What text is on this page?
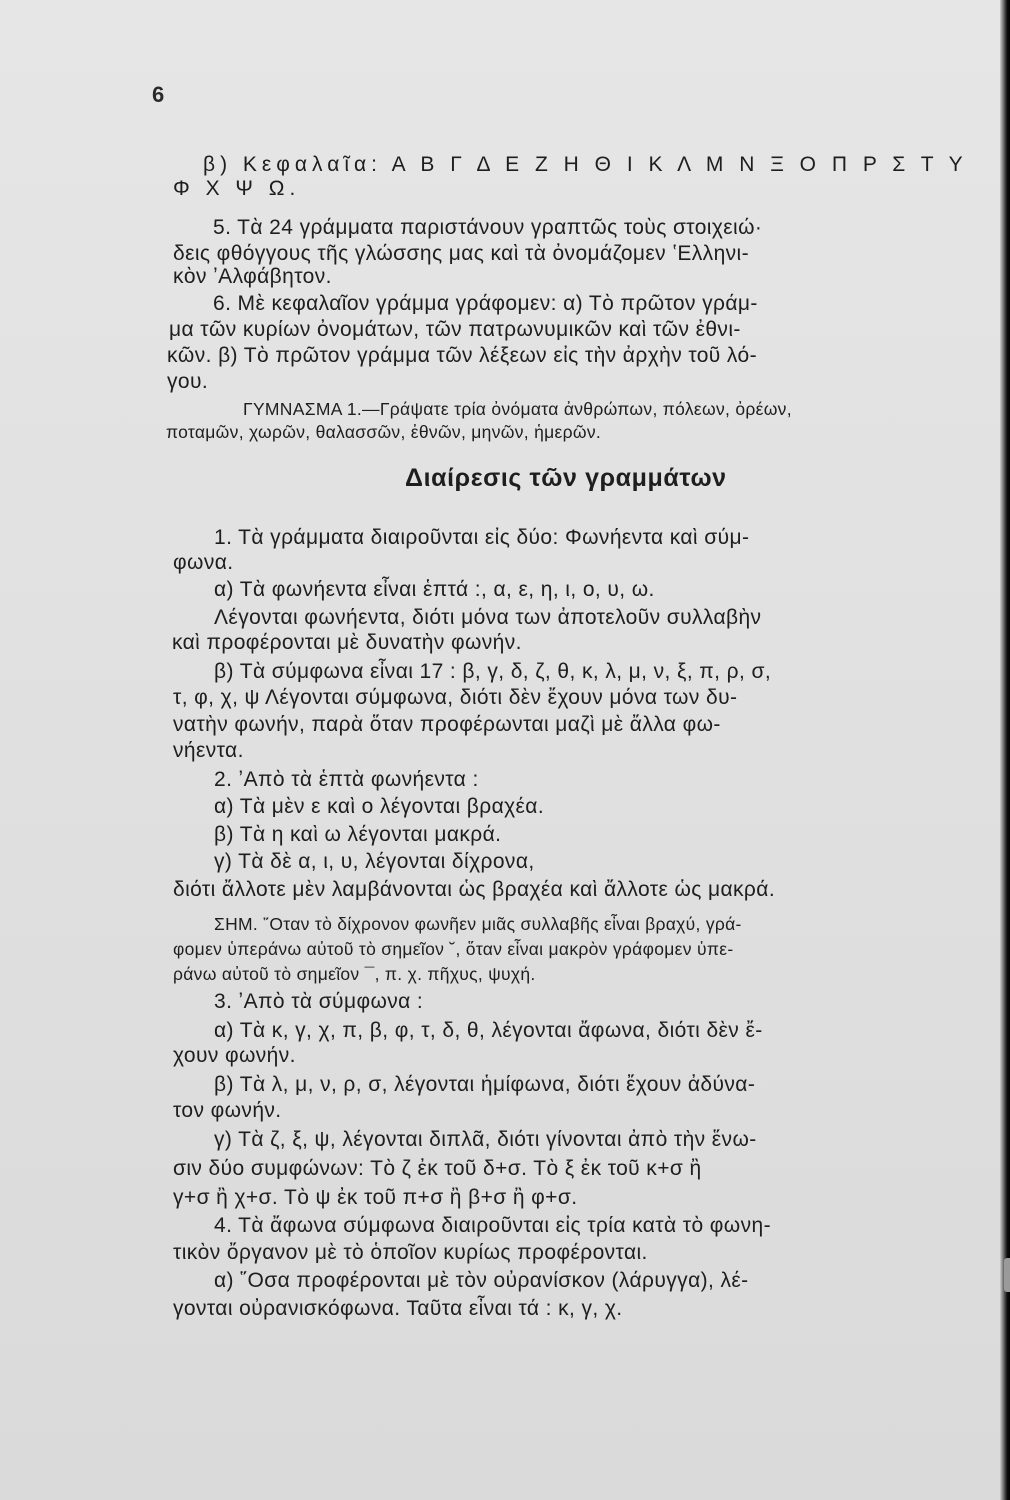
6
β) Κεφαλαῖα: Α Β Γ Δ Ε Ζ Η Θ Ι Κ Λ Μ Ν Ξ Ο Π Ρ Σ Τ Υ
Φ Χ Ψ Ω.
5. Τὰ 24 γράμματα παριστάνουν γραπτῶς τοὺς στοιχειώ·
δεις φθόγγους τῆς γλώσσης μας καὶ τὰ ὀνομάζομεν ʽΕλληνι-
κὸν ʼΑλφάβητον.
6. Μὲ κεφαλαῖον γράμμα γράφομεν: α) Τὸ πρῶτον γράμ-
μα τῶν κυρίων ὀνομάτων, τῶν πατρωνυμικῶν καὶ τῶν ἐθνι-
κῶν. β) Τὸ πρῶτον γράμμα τῶν λέξεων εἰς τὴν ἀρχὴν τοῦ λό-
γου.
ΓΥΜΝΑΣΜΑ 1.—Γράψατε τρία ὀνόματα ἀνθρώπων, πόλεων, ὀρέων,
ποταμῶν, χωρῶν, θαλασσῶν, ἐθνῶν, μηνῶν, ἡμερῶν.
Διαίρεσις τῶν γραμμάτων
1. Τὰ γράμματα διαιροῦνται εἰς δύο: Φωνήεντα καὶ σύμ-
φωνα.
α) Τὰ φωνήεντα εἶναι ἑπτά :, α, ε, η, ι, ο, υ, ω.
Λέγονται φωνήεντα, διότι μόνα των ἀποτελοῦν συλλαβὴν
καὶ προφέρονται μὲ δυνατὴν φωνήν.
β) Τὰ σύμφωνα εἶναι 17 : β, γ, δ, ζ, θ, κ, λ, μ, ν, ξ, π, ρ, σ,
τ, φ, χ, ψ Λέγονται σύμφωνα, διότι δὲν ἔχουν μόνα των δυ-
νατὴν φωνήν, παρὰ ὅταν προφέρωνται μαζὶ μὲ ἄλλα φω-
νήεντα.
2. ʼΑπὸ τὰ ἑπτὰ φωνήεντα :
α) Τὰ μὲν ε καὶ ο λέγονται βραχέα.
β) Τὰ η καὶ ω λέγονται μακρά.
γ) Τὰ δὲ α, ι, υ, λέγονται δίχρονα,
διότι ἄλλοτε μὲν λαμβάνονται ὡς βραχέα καὶ ἄλλοτε ὡς μακρά.
ΣΗΜ. ῞Οταν τὸ δίχρονον φωνῆεν μιᾶς συλλαβῆς εἶναι βραχύ, γρά-
φομεν ὑπεράνω αὐτοῦ τὸ σημεῖον ˘, ὅταν εἶναι μακρὸν γράφομεν ὑπε-
ράνω αὐτοῦ τὸ σημεῖον ¯, π. χ. πῆχυς, ψυχή.
3. ʼΑπὸ τὰ σύμφωνα :
α) Τὰ κ, γ, χ, π, β, φ, τ, δ, θ, λέγονται ἄφωνα, διότι δὲν ἔ-
χουν φωνήν.
β) Τὰ λ, μ, ν, ρ, σ, λέγονται ἡμίφωνα, διότι ἔχουν ἀδύνα-
τον φωνήν.
γ) Τὰ ζ, ξ, ψ, λέγονται διπλᾶ, διότι γίνονται ἀπὸ τὴν ἕνω-
σιν δύο συμφώνων: Τὸ ζ ἐκ τοῦ δ+σ. Τὸ ξ ἐκ τοῦ κ+σ ἢ
γ+σ ἢ χ+σ. Τὸ ψ ἐκ τοῦ π+σ ἢ β+σ ἢ φ+σ.
4. Τὰ ἄφωνα σύμφωνα διαιροῦνται εἰς τρία κατὰ τὸ φωνη-
τικὸν ὄργανον μὲ τὸ ὁποῖον κυρίως προφέρονται.
α) ῞Οσα προφέρονται μὲ τὸν οὐρανίσκον (λάρυγγα), λέ-
γονται οὐρανισκόφωνα. Ταῦτα εἶναι τά : κ, γ, χ.
